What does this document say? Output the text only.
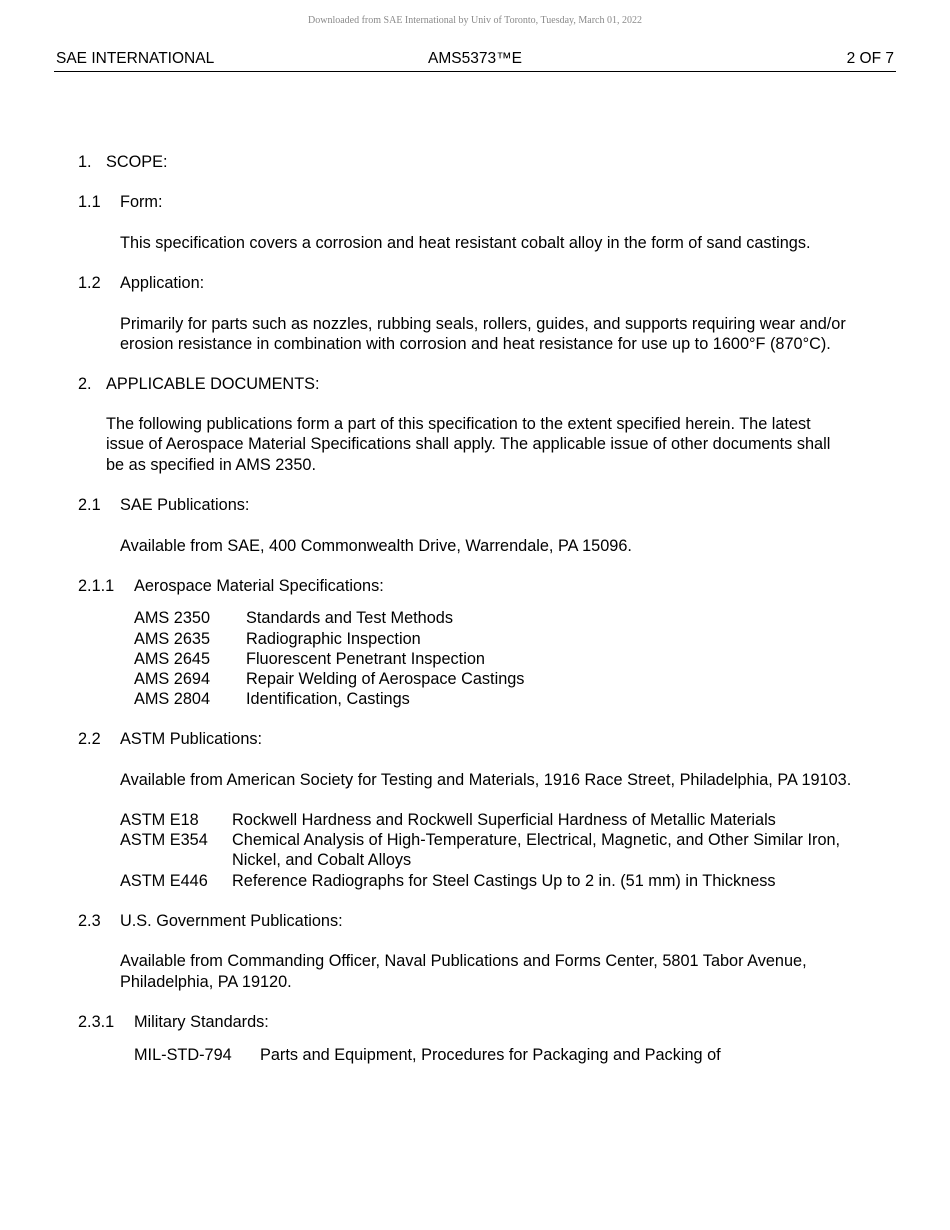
Downloaded from SAE International by Univ of Toronto, Tuesday, March 01, 2022
SAE INTERNATIONAL	AMS5373™E	2 OF 7
1. SCOPE:
1.1 Form:
This specification covers a corrosion and heat resistant cobalt alloy in the form of sand castings.
1.2 Application:
Primarily for parts such as nozzles, rubbing seals, rollers, guides, and supports requiring wear and/or
erosion resistance in combination with corrosion and heat resistance for use up to 1600°F (870°C).
2. APPLICABLE DOCUMENTS:
The following publications form a part of this specification to the extent specified herein. The latest
issue of Aerospace Material Specifications shall apply. The applicable issue of other documents shall
be as specified in AMS 2350.
2.1 SAE Publications:
Available from SAE, 400 Commonwealth Drive, Warrendale, PA 15096.
2.1.1 Aerospace Material Specifications:
AMS 2350 Standards and Test Methods
AMS 2635 Radiographic Inspection
AMS 2645 Fluorescent Penetrant Inspection
AMS 2694 Repair Welding of Aerospace Castings
AMS 2804 Identification, Castings
2.2 ASTM Publications:
Available from American Society for Testing and Materials, 1916 Race Street, Philadelphia, PA 19103.
ASTM E18 Rockwell Hardness and Rockwell Superficial Hardness of Metallic Materials
ASTM E354 Chemical Analysis of High-Temperature, Electrical, Magnetic, and Other Similar Iron,
Nickel, and Cobalt Alloys
ASTM E446 Reference Radiographs for Steel Castings Up to 2 in. (51 mm) in Thickness
2.3 U.S. Government Publications:
Available from Commanding Officer, Naval Publications and Forms Center, 5801 Tabor Avenue,
Philadelphia, PA 19120.
2.3.1 Military Standards:
MIL-STD-794 Parts and Equipment, Procedures for Packaging and Packing of
